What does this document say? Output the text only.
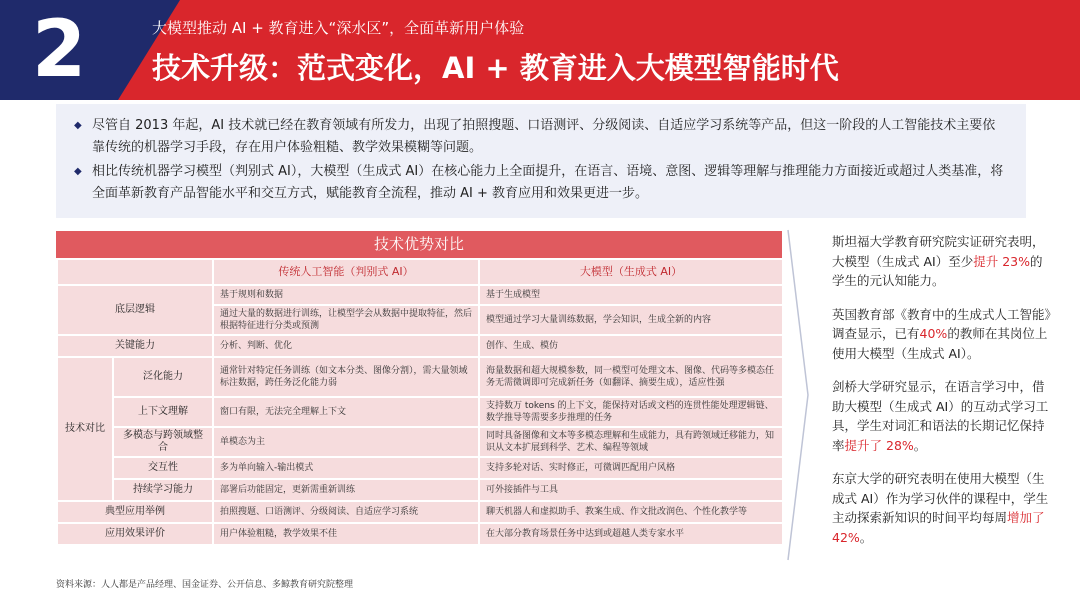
2	大模型推动 AI + 教育进入“深水区”，全面革新用户体验
技术升级：范式变化，AI + 教育进入大模型智能时代
◆ 尽管自 2013 年起，AI 技术就已经在教育领域有所发力，出现了拍照搜题、口语测评、分级阅读、自适应学习系统等产品，但这一阶段的人工智能技术主要依靠传统的机器学习手段，存在用户体验粗糙、教学效果模糊等问题。
◆ 相比传统机器学习模型（判别式 AI），大模型（生成式 AI）在核心能力上全面提升，在语言、语境、意图、逻辑等理解与推理能力方面接近或超过人类基准，将全面革新教育产品智能水平和交互方式，赋能教育全流程，推动 AI + 教育应用和效果更进一步。
技术优势对比
		传统人工智能（判别式 AI）	大模型（生成式 AI）
底层逻辑		基于规则和数据	基于生成模型
		通过大量的数据进行训练，让模型学会从数据中提取特征，然后根据特征进行分类或预测	模型通过学习大量训练数据，学会知识，生成全新的内容
关键能力		分析、判断、优化	创作、生成、模仿
技术对比	泛化能力	通常针对特定任务训练（如文本分类、图像分割），需大量领域标注数据，跨任务泛化能力弱	海量数据和超大规模参数，同一模型可处理文本、图像、代码等多模态任务无需微调即可完成新任务（如翻译、摘要生成），适应性强
	上下文理解	窗口有限，无法完全理解上下文	支持数万 tokens 的上下文，能保持对话或文档的连贯性能处理逻辑链、数学推导等需要多步推理的任务
	多模态与跨领域整合	单模态为主	同时具备图像和文本等多模态理解和生成能力，具有跨领域迁移能力，知识从文本扩展到科学、艺术、编程等领域
	交互性	多为单向输入-输出模式	支持多轮对话、实时修正，可微调匹配用户风格
	持续学习能力	部署后功能固定，更新需重新训练	可外接插件与工具
典型应用举例		拍照搜题、口语测评、分级阅读、自适应学习系统	聊天机器人和虚拟助手、教案生成、作文批改润色、个性化教学等
应用效果评价		用户体验粗糙，教学效果不佳	在大部分教育场景任务中达到或超越人类专家水平

斯坦福大学教育研究院实证研究表明，大模型（生成式 AI）至少提升 23%的学生的元认知能力。

英国教育部《教育中的生成式人工智能》调查显示，已有40%的教师在其岗位上使用大模型（生成式 AI）。

剑桥大学研究显示，在语言学习中，借助大模型（生成式 AI）的互动式学习工具，学生对词汇和语法的长期记忆保持率提升了 28%。

东京大学的研究表明在使用大模型（生成式 AI）作为学习伙伴的课程中，学生主动探索新知识的时间平均每周增加了 42%。

资料来源：人人都是产品经理、国金证券、公开信息、多鲸教育研究院整理
